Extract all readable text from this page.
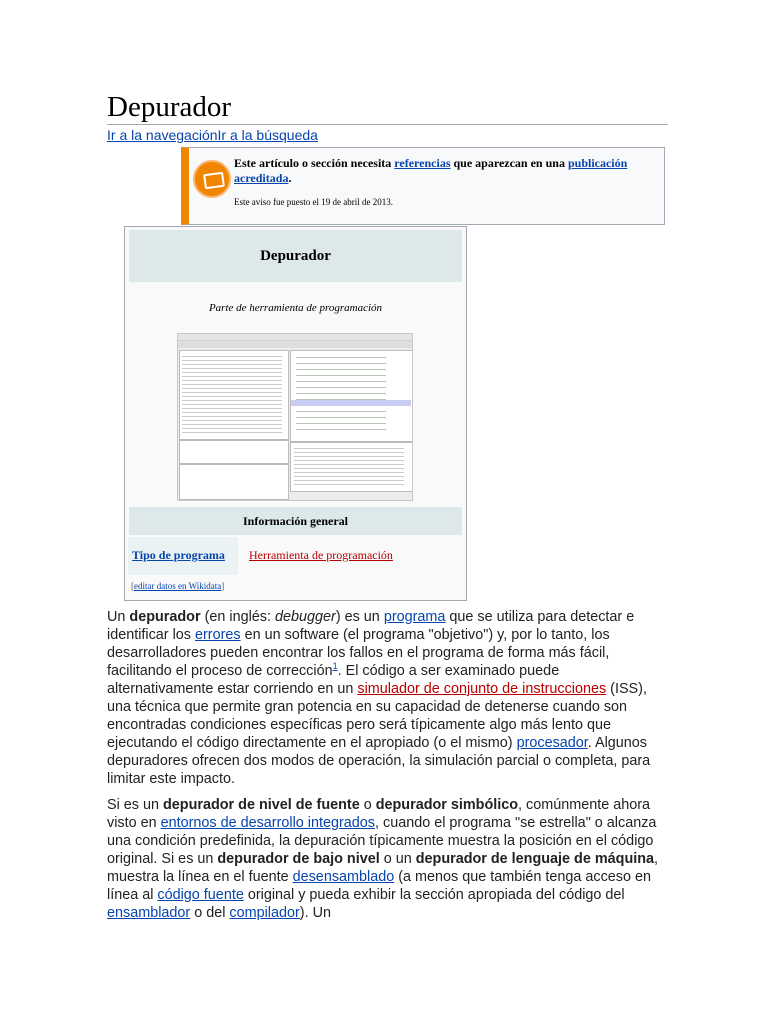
Depurador
Ir a la navegaciónIr a la búsqueda
Este artículo o sección necesita referencias que aparezcan en una publicación acreditada.
Este aviso fue puesto el 19 de abril de 2013.
Depurador
Parte de herramienta de programación
Información general
Tipo de programa Herramienta de programación
[editar datos en Wikidata]

Un depurador (en inglés: debugger) es un programa que se utiliza para detectar e identificar los errores en un software (el programa "objetivo") y, por lo tanto, los desarrolladores pueden encontrar los fallos en el programa de forma más fácil, facilitando el proceso de corrección$^1$. El código a ser examinado puede alternativamente estar corriendo en un simulador de conjunto de instrucciones (ISS), una técnica que permite gran potencia en su capacidad de detenerse cuando son encontradas condiciones específicas pero será típicamente algo más lento que ejecutando el código directamente en el apropiado (o el mismo) procesador. Algunos depuradores ofrecen dos modos de operación, la simulación parcial o completa, para limitar este impacto.

Si es un depurador de nivel de fuente o depurador simbólico, comúnmente ahora visto en entornos de desarrollo integrados, cuando el programa "se estrella" o alcanza una condición predefinida, la depuración típicamente muestra la posición en el código original. Si es un depurador de bajo nivel o un depurador de lenguaje de máquina, muestra la línea en el fuente desensamblado (a menos que también tenga acceso en línea al código fuente original y pueda exhibir la sección apropiada del código del ensamblador o del compilador). Un
